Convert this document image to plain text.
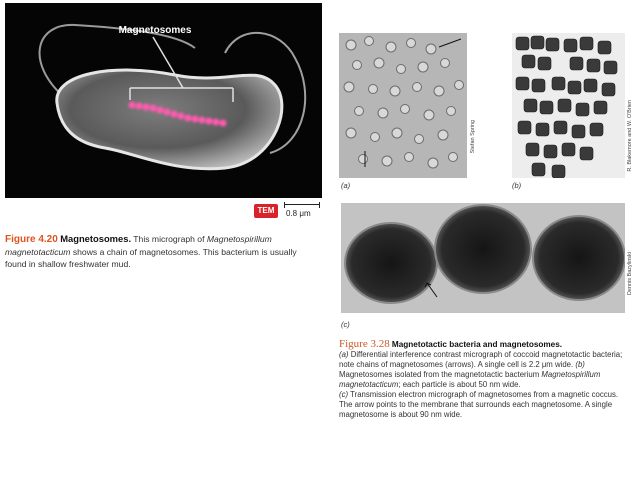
Magnetosomes
TEM	0.8 μm
Figure 4.20 Magnetosomes. This micrograph of Magnetospirillum magnetotacticum shows a chain of magnetosomes. This bacterium is usually found in shallow freshwater mud.
(a)
Stefan Spring
(b)
R. Blakemore and W. O'Brien
(c)
Dennis Bazylinski
Figure 3.28 Magnetotactic bacteria and magnetosomes.
(a) Differential interference contrast micrograph of coccoid magnetotactic bacteria; note chains of magnetosomes (arrows). A single cell is 2.2 μm wide. (b) Magnetosomes isolated from the magnetotactic bacterium Magnetospirillum magnetotacticum; each particle is about 50 nm wide.
(c) Transmission electron micrograph of magnetosomes from a magnetic coccus. The arrow points to the membrane that surrounds each magnetosome. A single magnetosome is about 90 nm wide.
